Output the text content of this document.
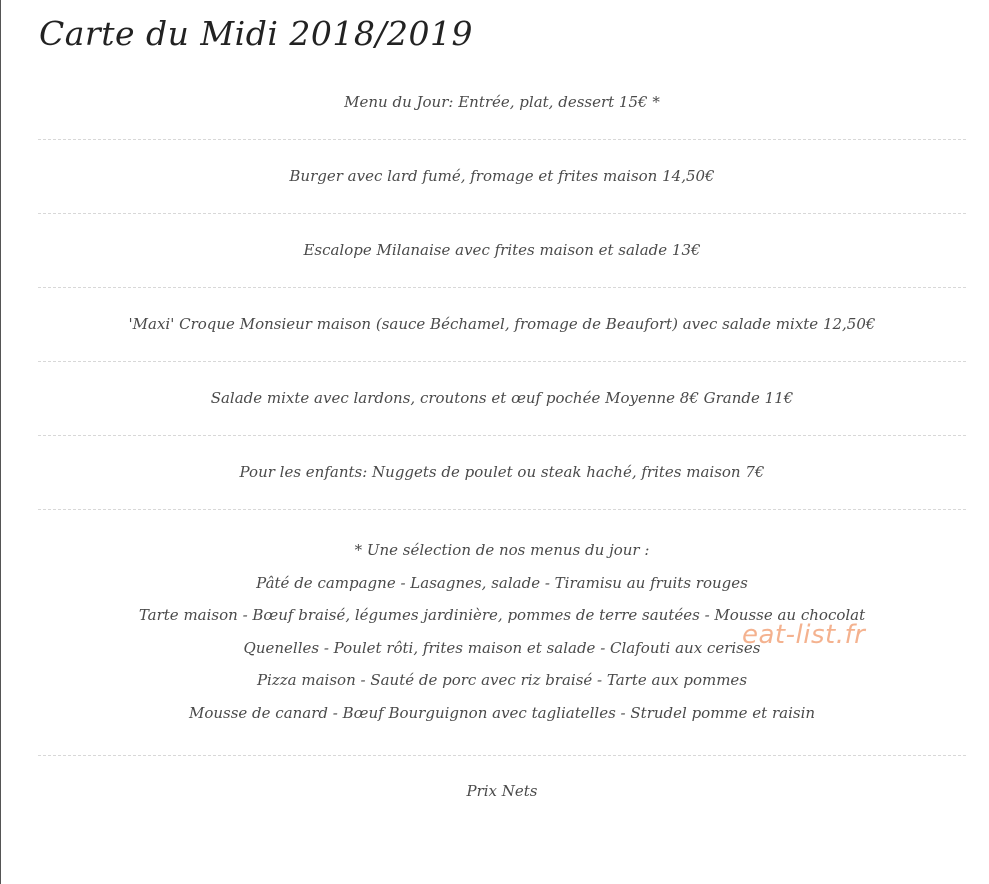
Carte du Midi 2018/2019
Menu du Jour: Entrée, plat, dessert 15€ *
Burger avec lard fumé, fromage et frites maison 14,50€
Escalope Milanaise avec frites maison et salade 13€
'Maxi' Croque Monsieur maison (sauce Béchamel, fromage de Beaufort) avec salade mixte 12,50€
Salade mixte avec lardons, croutons et œuf pochée Moyenne 8€ Grande 11€
Pour les enfants: Nuggets de poulet ou steak haché, frites maison 7€
* Une sélection de nos menus du jour :
Pâté de campagne - Lasagnes, salade - Tiramisu au fruits rouges
Tarte maison - Bœuf braisé, légumes jardinière, pommes de terre sautées - Mousse au chocolat
Quenelles - Poulet rôti, frites maison et salade - Clafouti aux cerises
Pizza maison - Sauté de porc avec riz braisé - Tarte aux pommes
Mousse de canard - Bœuf Bourguignon avec tagliatelles - Strudel pomme et raisin
Prix Nets
eat-list.fr
